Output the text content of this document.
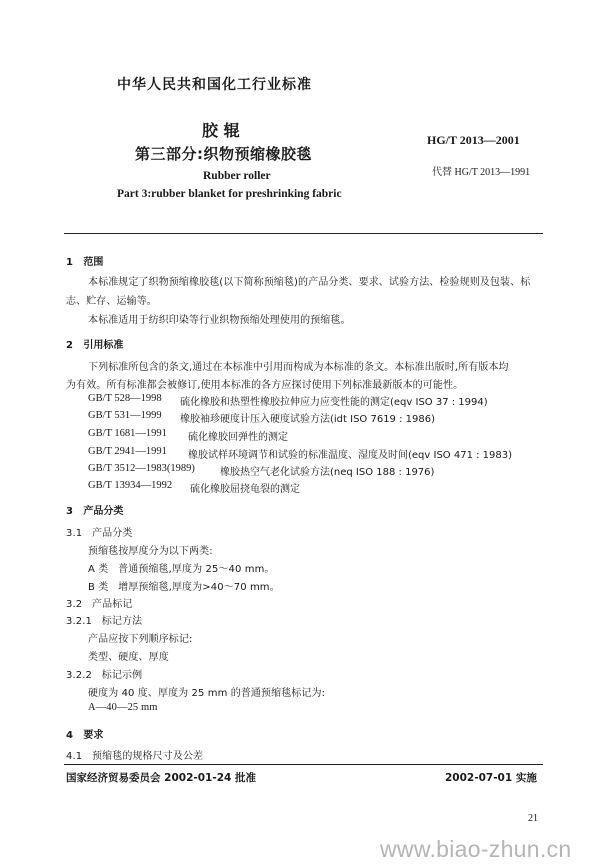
中华人民共和国化工行业标准
胶 辊
第三部分:织物预缩橡胶毯
HG/T 2013—2001
代替 HG/T 2013—1991
Rubber roller
Part 3:rubber blanket for preshrinking fabric
1   范围
本标准规定了织物预缩橡胶毯(以下简称预缩毯)的产品分类、要求、试验方法、检验规则及包装、标
志、贮存、运输等。
本标准适用于纺织印染等行业织物预缩处理使用的预缩毯。
2   引用标准
下列标准所包含的条文,通过在本标准中引用而构成为本标准的条文。本标准出版时,所有版本均
为有效。所有标准都会被修订,使用本标准的各方应探讨使用下列标准最新版本的可能性。
GB/T 528—1998 硫化橡胶和热塑性橡胶拉伸应力应变性能的测定(eqv ISO 37 : 1994)
GB/T 531—1999 橡胶袖珍硬度计压入硬度试验方法(idt ISO 7619 : 1986)
GB/T 1681—1991 硫化橡胶回弹性的测定
GB/T 2941—1991 橡胶试样环境调节和试验的标准温度、湿度及时间(eqv ISO 471 : 1983)
GB/T 3512—1983(1989)	橡胶热空气老化试验方法(neq ISO 188 : 1976)
GB/T 13934—1992 硫化橡胶屈挠龟裂的测定
3   产品分类
3.1   产品分类
预缩毯按厚度分为以下两类:
A 类   普通预缩毯,厚度为 25～40 mm。
B 类   增厚预缩毯,厚度为>40～70 mm。
3.2   产品标记
3.2.1   标记方法
产品应按下列顺序标记:
类型、硬度、厚度
3.2.2   标记示例
硬度为 40 度、厚度为 25 mm 的普通预缩毯标记为:
A—40—25 mm
4   要求
4.1   预缩毯的规格尺寸及公差
国家经济贸易委员会 2002-01-24 批准	2002-07-01 实施
21
www.biao-zhun.cn
